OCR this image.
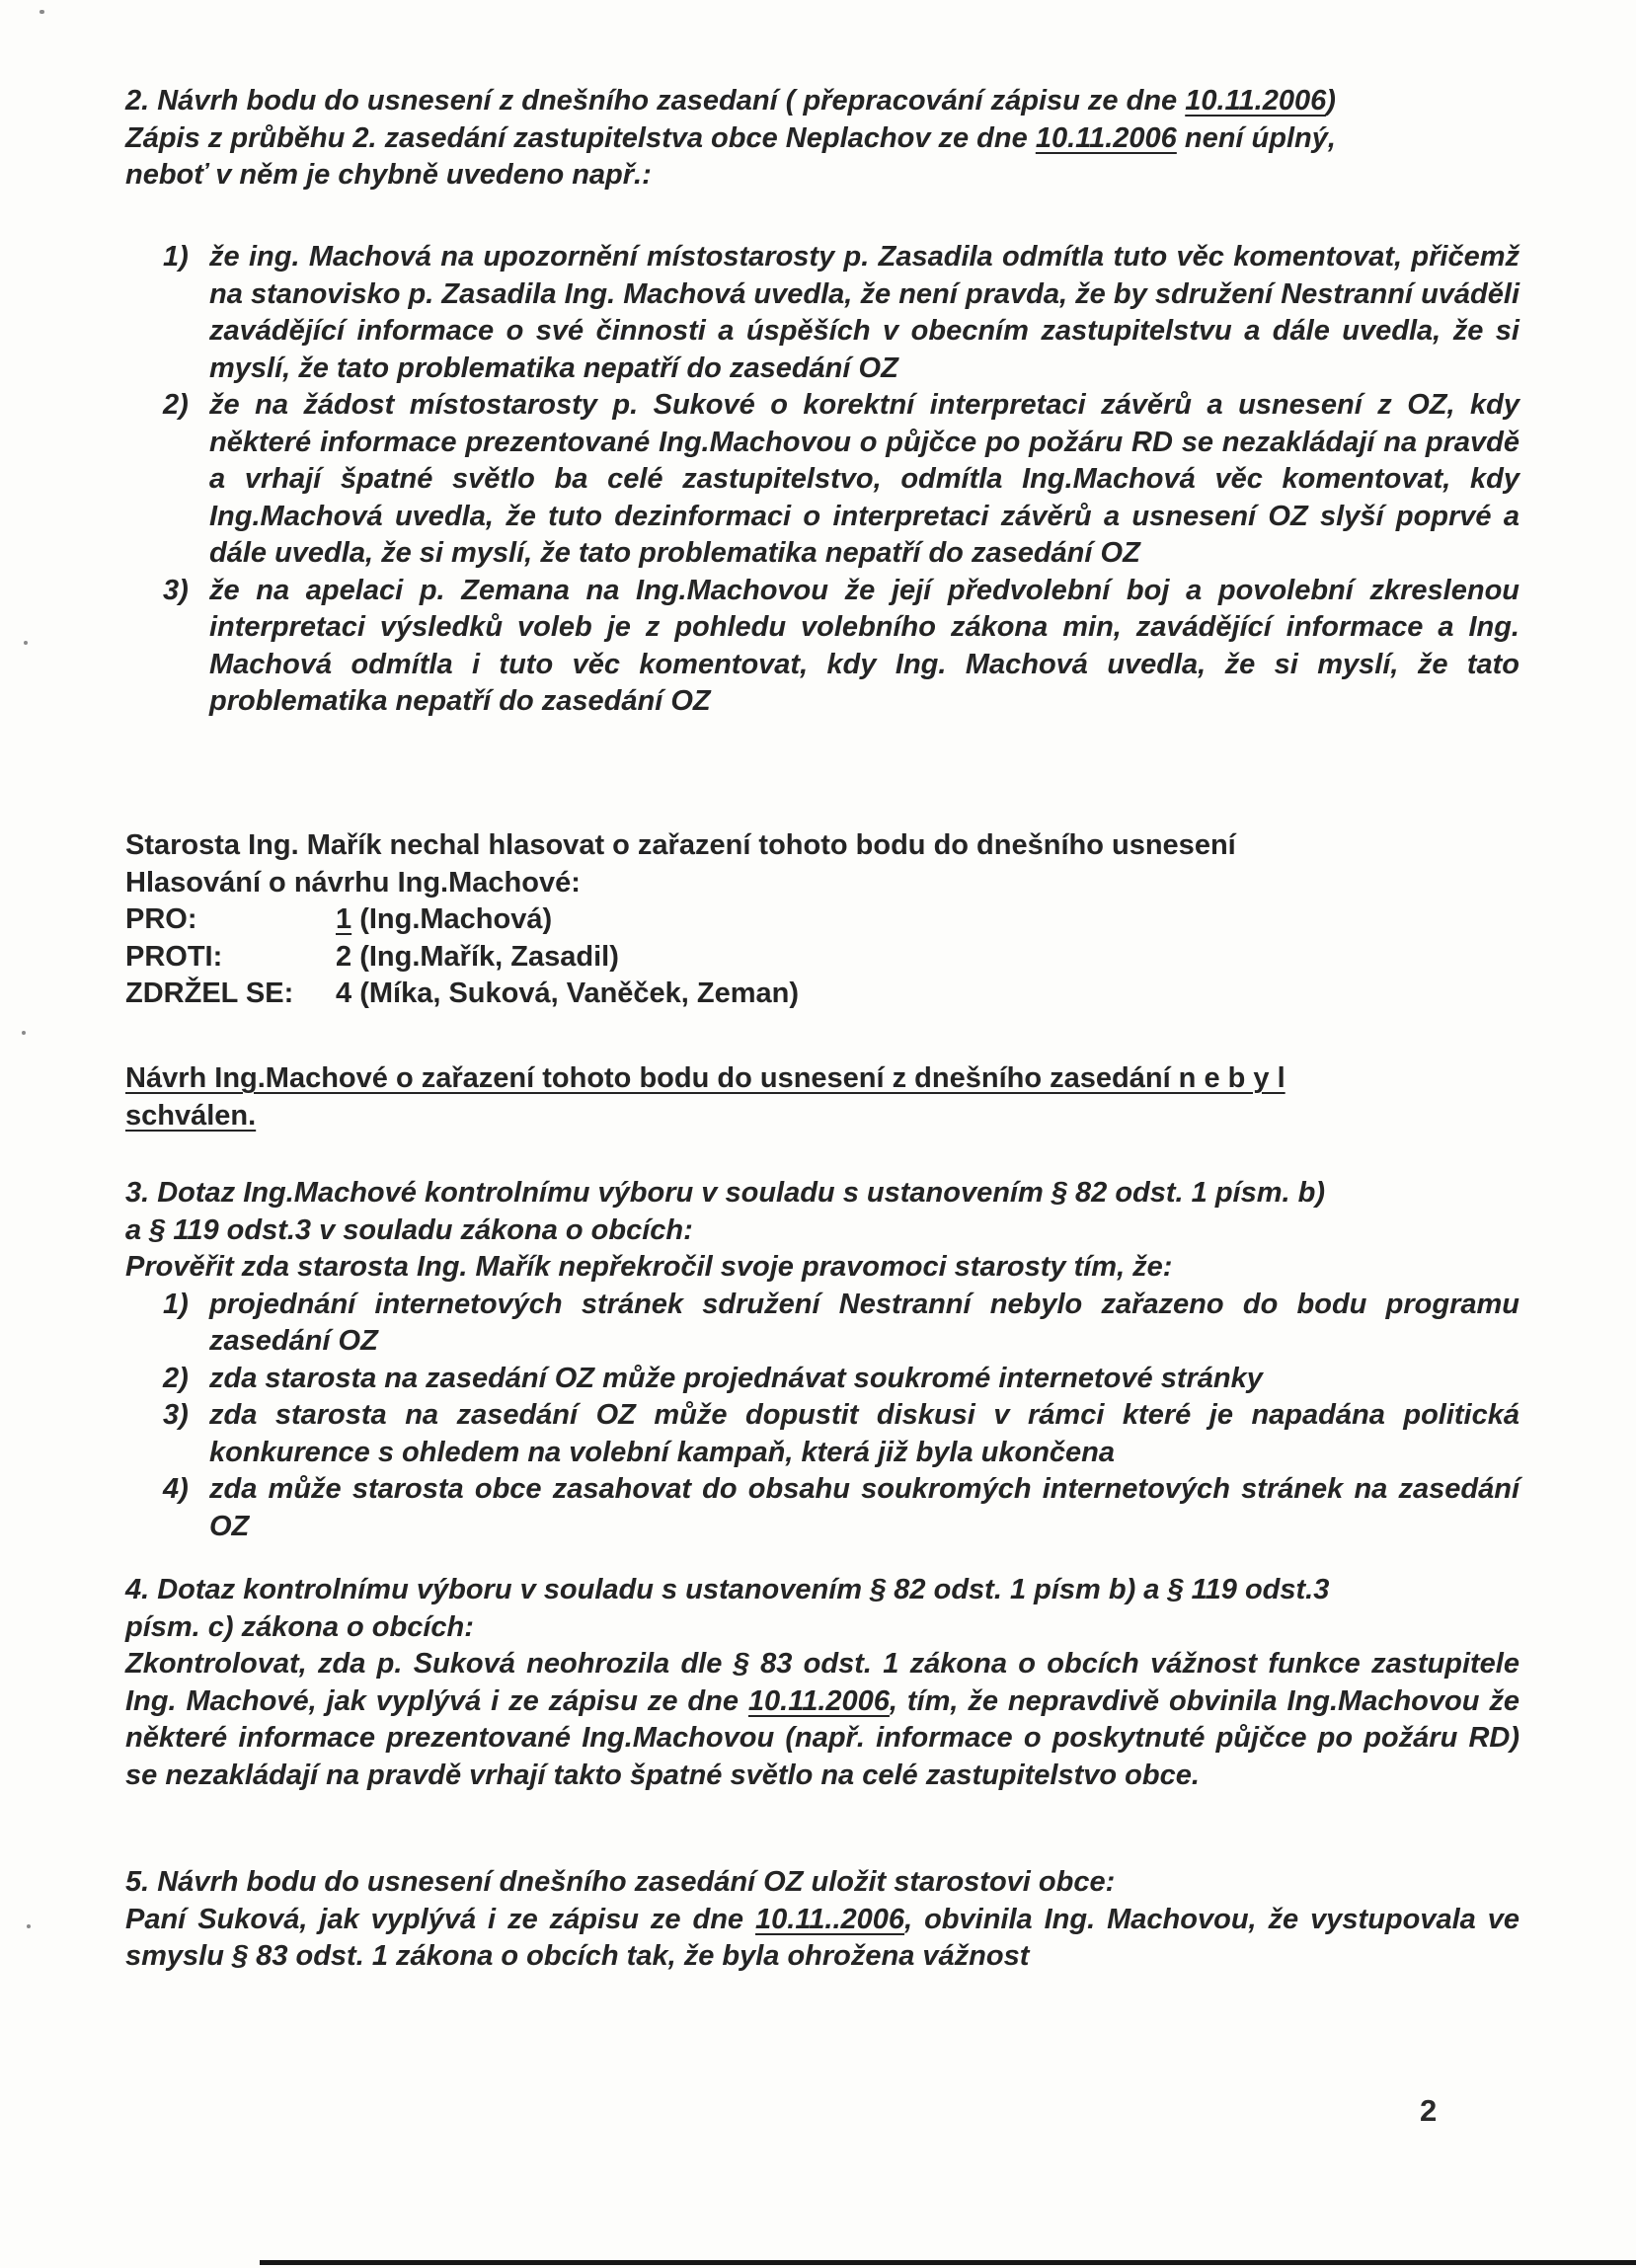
2. Návrh bodu do usnesení z dnešního zasedaní ( přepracování zápisu ze dne 10.11.2006)
Zápis z průběhu 2. zasedání zastupitelstva obce Neplachov ze dne 10.11.2006 není úplný,
neboť v něm je chybně uvedeno např.:

1) že ing. Machová na upozornění místostarosty p. Zasadila odmítla tuto věc komentovat, přičemž na stanovisko p. Zasadila Ing. Machová uvedla, že není pravda, že by sdružení Nestranní uváděli zavádějící informace o své činnosti a úspěších v obecním zastupitelstvu a dále uvedla, že si myslí, že tato problematika nepatří do zasedání OZ

2) že na žádost místostarosty p. Sukové o korektní interpretaci závěrů a usnesení z OZ, kdy některé informace prezentované Ing.Machovou o půjčce po požáru RD se nezakládají na pravdě a vrhají špatné světlo ba celé zastupitelstvo, odmítla Ing.Machová věc komentovat, kdy Ing.Machová uvedla, že tuto dezinformaci o interpretaci závěrů a usnesení OZ slyší poprvé a dále uvedla, že si myslí, že tato problematika nepatří do zasedání OZ

3) že na apelaci p. Zemana na Ing.Machovou že její předvolební boj a povolební zkreslenou interpretaci výsledků voleb je z pohledu volebního zákona min, zavádějící informace a Ing. Machová odmítla i tuto věc komentovat, kdy Ing. Machová uvedla, že si myslí, že tato problematika nepatří do zasedání OZ

Starosta Ing. Mařík nechal hlasovat o zařazení tohoto bodu do dnešního usnesení

Hlasování o návrhu Ing.Machové:

PRO:	1 (Ing.Machová)
PROTI:	2 (Ing.Mařík, Zasadil)
ZDRŽEL SE:	4 (Míka, Suková, Vaněček, Zeman)

Návrh Ing.Machové o zařazení tohoto bodu do usnesení z dnešního zasedání n e b y l
schválen.

3. Dotaz Ing.Machové kontrolnímu výboru v souladu s ustanovením § 82 odst. 1 písm. b)
a § 119 odst.3 v souladu zákona o obcích:
Prověřit zda starosta Ing. Mařík nepřekročil svoje pravomoci starosty tím, že:

1) projednání internetových stránek sdružení Nestranní nebylo zařazeno do bodu programu zasedání OZ

2) zda starosta na zasedání OZ může projednávat soukromé internetové stránky

3) zda starosta na zasedání OZ může dopustit diskusi v rámci které je napadána politická konkurence s ohledem na volební kampaň, která již byla ukončena

4) zda může starosta obce zasahovat do obsahu soukromých internetových stránek na zasedání OZ

4. Dotaz kontrolnímu výboru v souladu s ustanovením § 82 odst. 1 písm b) a § 119 odst.3
písm. c) zákona o obcích:
Zkontrolovat, zda p. Suková neohrozila dle § 83 odst. 1 zákona o obcích vážnost funkce zastupitele Ing. Machové, jak vyplývá i ze zápisu ze dne 10.11.2006, tím, že nepravdivě obvinila Ing.Machovou že některé informace prezentované Ing.Machovou (např. informace o poskytnuté půjčce po požáru RD) se nezakládají na pravdě vrhají takto špatné světlo na celé zastupitelstvo obce.

5. Návrh bodu do usnesení dnešního zasedání OZ uložit starostovi obce:
Paní Suková, jak vyplývá i ze zápisu ze dne 10.11..2006, obvinila Ing. Machovou, že vystupovala ve smyslu § 83 odst. 1 zákona o obcích tak, že byla ohrožena vážnost

2
